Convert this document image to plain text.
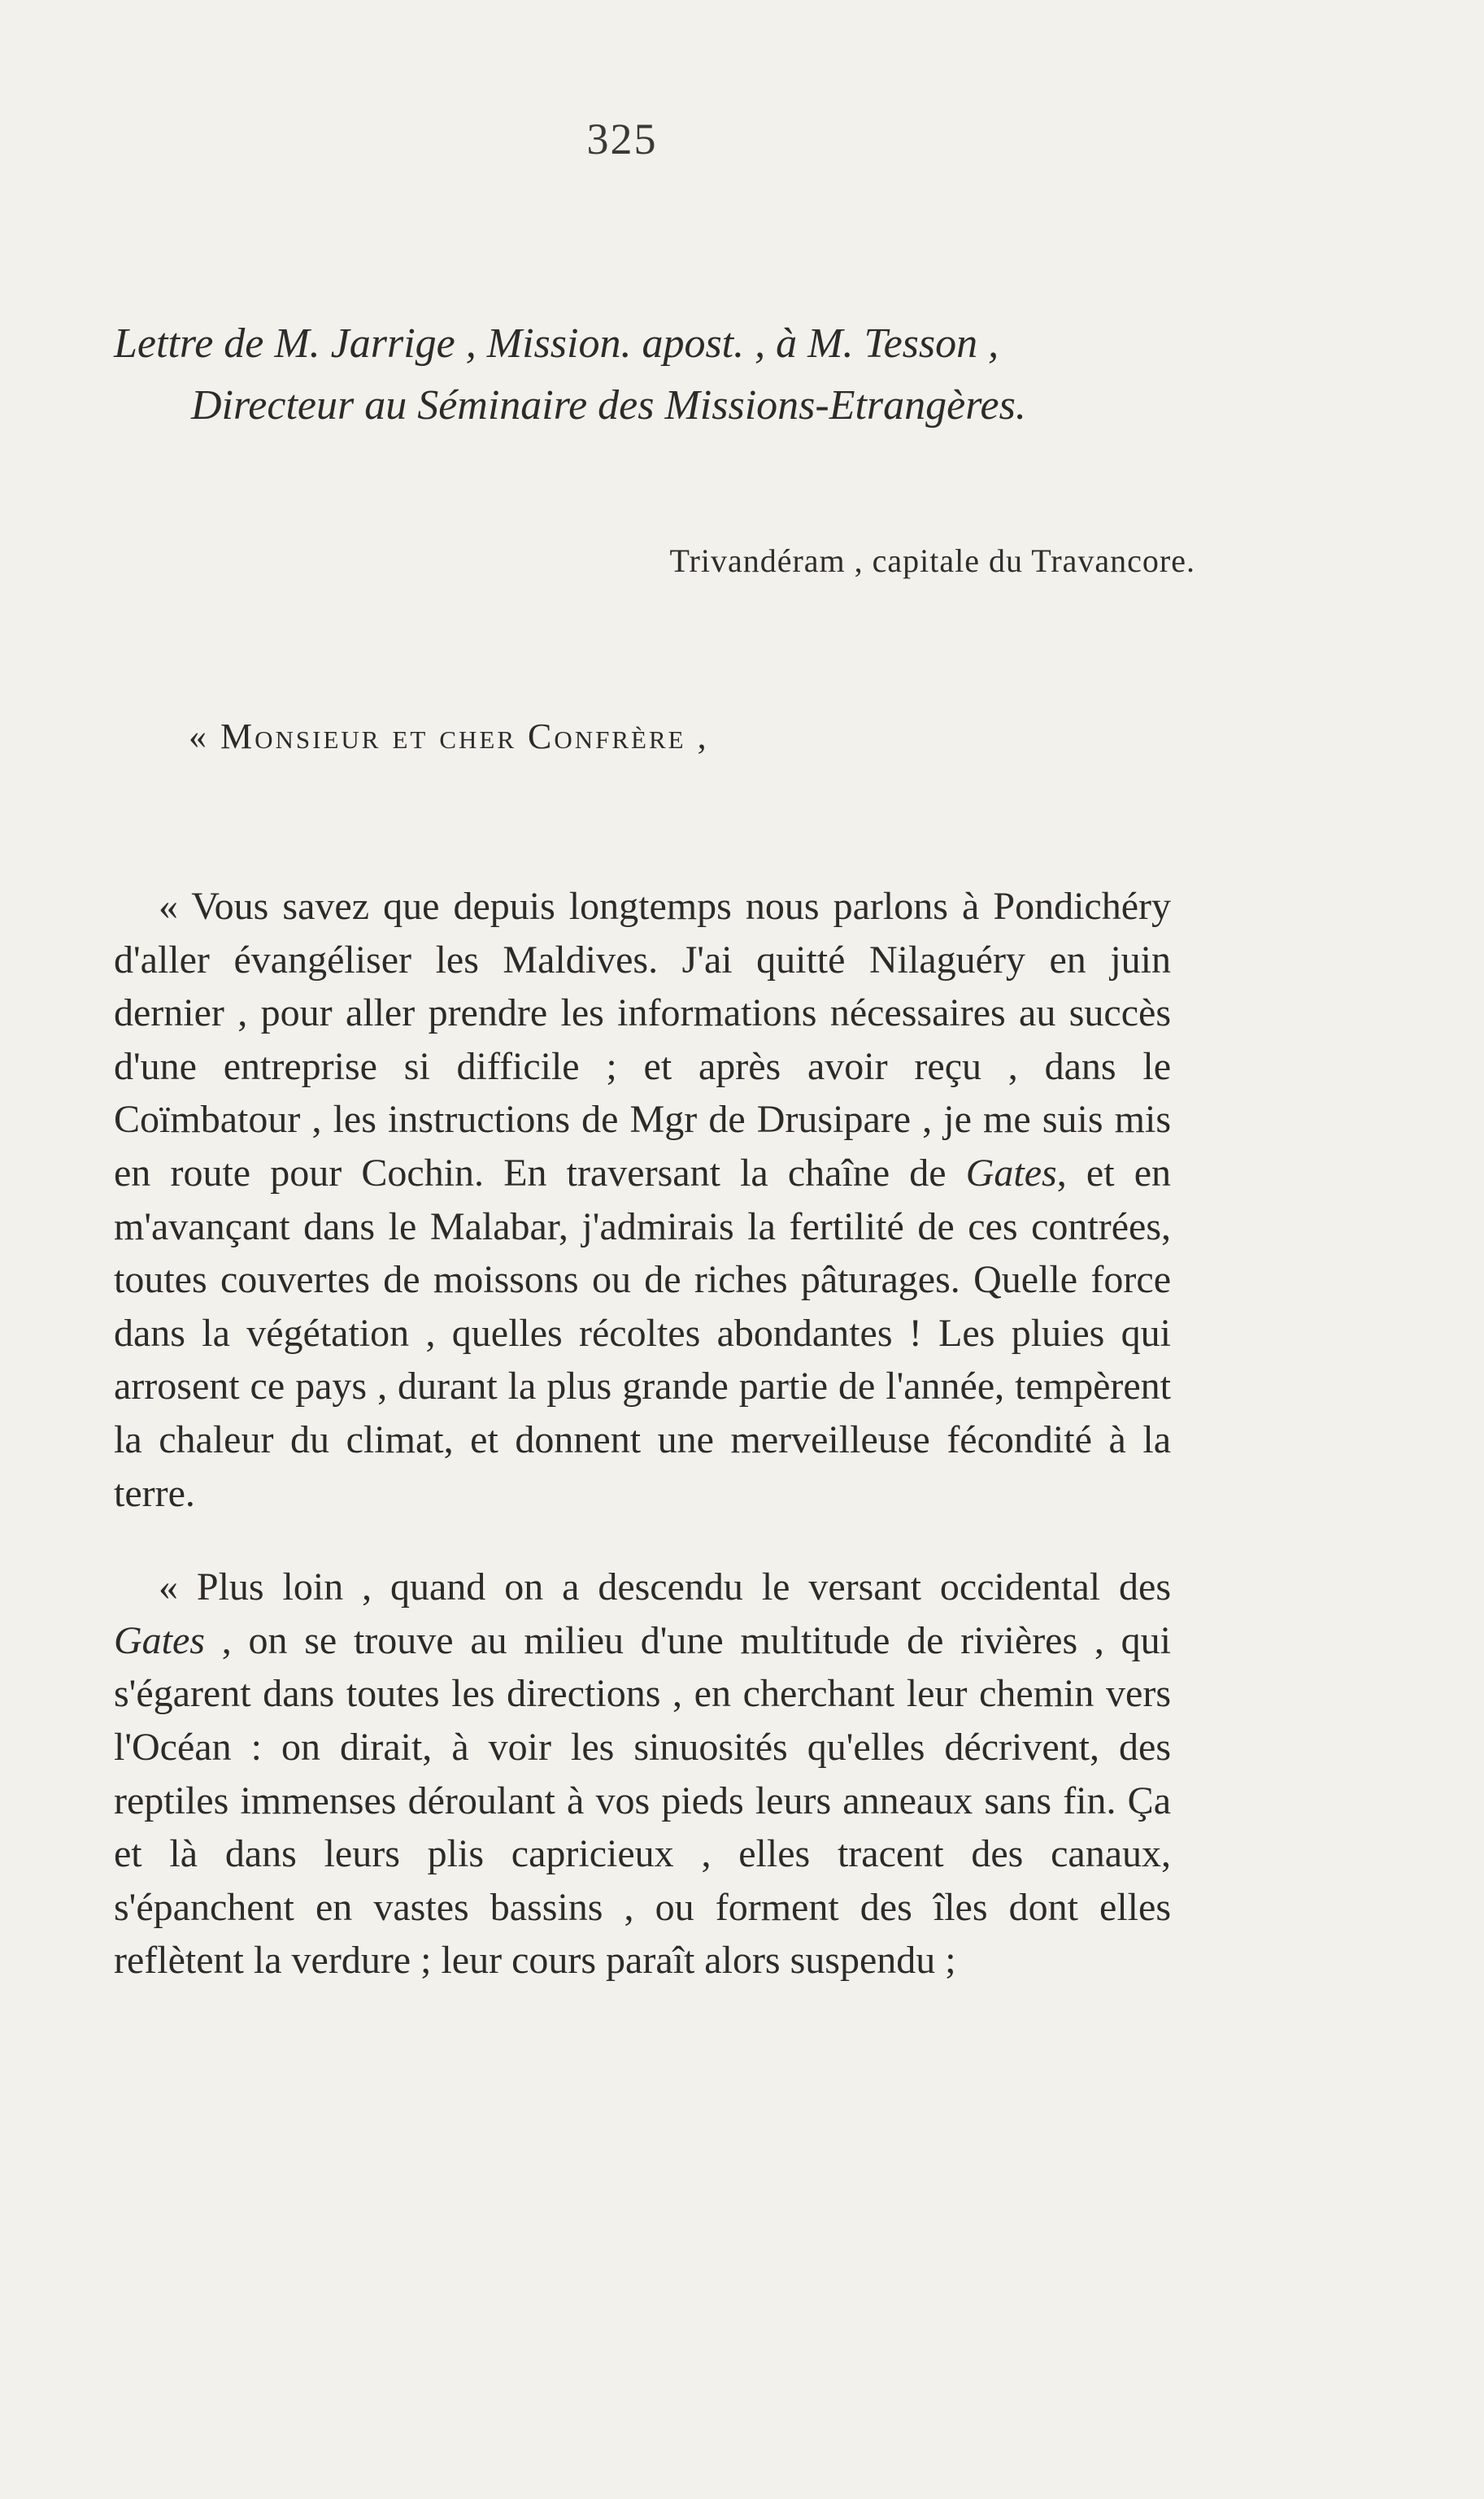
325
Lettre de M. Jarrige , Mission. apost. , à M. Tesson ,
Directeur au Séminaire des Missions-Etrangères.
Trivandéram , capitale du Travancore.
« Monsieur et cher Confrère ,

« Vous savez que depuis longtemps nous parlons à Pondichéry d'aller évangéliser les Maldives. J'ai quitté Nilaguéry en juin dernier , pour aller prendre les informations nécessaires au succès d'une entreprise si difficile ; et après avoir reçu , dans le Coïmbatour , les instructions de Mgr de Drusipare , je me suis mis en route pour Cochin. En traversant la chaîne de Gates, et en m'avançant dans le Malabar, j'admirais la fertilité de ces contrées, toutes couvertes de moissons ou de riches pâturages. Quelle force dans la végétation , quelles récoltes abondantes ! Les pluies qui arrosent ce pays , durant la plus grande partie de l'année, tempèrent la chaleur du climat, et donnent une merveilleuse fécondité à la terre.

« Plus loin , quand on a descendu le versant occidental des Gates , on se trouve au milieu d'une multitude de rivières , qui s'égarent dans toutes les directions , en cherchant leur chemin vers l'Océan : on dirait, à voir les sinuosités qu'elles décrivent, des reptiles immenses déroulant à vos pieds leurs anneaux sans fin. Ça et là dans leurs plis capricieux , elles tracent des canaux, s'épanchent en vastes bassins , ou forment des îles dont elles reflètent la verdure ; leur cours paraît alors suspendu ;
